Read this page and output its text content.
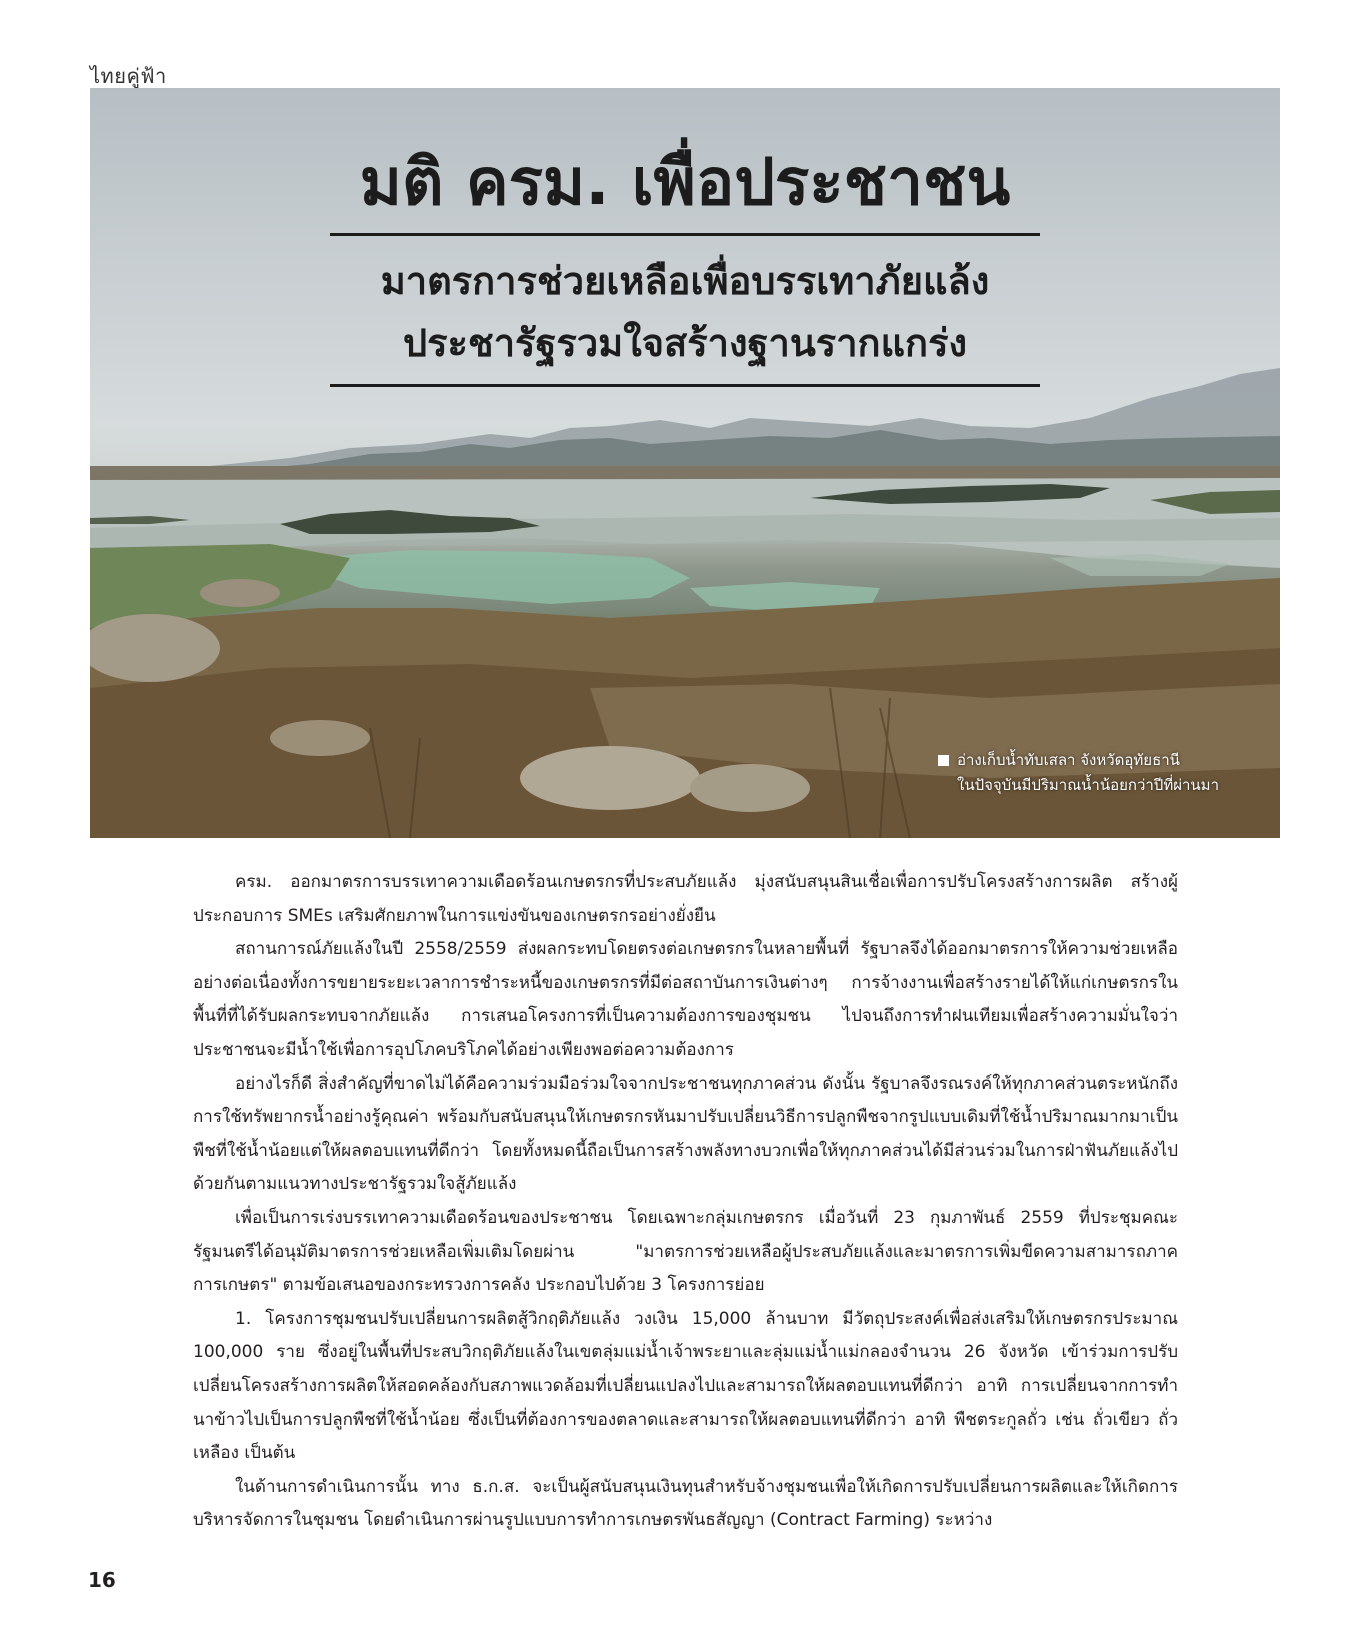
ไทยคู่ฟ้า
มติ ครม. เพื่อประชาชน
มาตรการช่วยเหลือเพื่อบรรเทาภัยแล้ง
ประชารัฐรวมใจสร้างฐานรากแกร่ง
อ่างเก็บน้ำทับเสลา จังหวัดอุทัยธานี
ในปัจจุบันมีปริมาณน้ำน้อยกว่าปีที่ผ่านมา

ครม. ออกมาตรการบรรเทาความเดือดร้อนเกษตรกรที่ประสบภัยแล้ง มุ่งสนับสนุนสินเชื่อเพื่อการปรับโครงสร้างการผลิต สร้างผู้ประกอบการ SMEs เสริมศักยภาพในการแข่งขันของเกษตรกรอย่างยั่งยืน

สถานการณ์ภัยแล้งในปี 2558/2559 ส่งผลกระทบโดยตรงต่อเกษตรกรในหลายพื้นที่ รัฐบาลจึงได้ออกมาตรการให้ความช่วยเหลืออย่างต่อเนื่องทั้งการขยายระยะเวลาการชำระหนี้ของเกษตรกรที่มีต่อสถาบันการเงินต่างๆ การจ้างงานเพื่อสร้างรายได้ให้แก่เกษตรกรในพื้นที่ที่ได้รับผลกระทบจากภัยแล้ง การเสนอโครงการที่เป็นความต้องการของชุมชน ไปจนถึงการทำฝนเทียมเพื่อสร้างความมั่นใจว่าประชาชนจะมีน้ำใช้เพื่อการอุปโภคบริโภคได้อย่างเพียงพอต่อความต้องการ

อย่างไรก็ดี สิ่งสำคัญที่ขาดไม่ได้คือความร่วมมือร่วมใจจากประชาชนทุกภาคส่วน ดังนั้น รัฐบาลจึงรณรงค์ให้ทุกภาคส่วนตระหนักถึงการใช้ทรัพยากรน้ำอย่างรู้คุณค่า พร้อมกับสนับสนุนให้เกษตรกรหันมาปรับเปลี่ยนวิธีการปลูกพืชจากรูปแบบเดิมที่ใช้น้ำปริมาณมากมาเป็นพืชที่ใช้น้ำน้อยแต่ให้ผลตอบแทนที่ดีกว่า โดยทั้งหมดนี้ถือเป็นการสร้างพลังทางบวกเพื่อให้ทุกภาคส่วนได้มีส่วนร่วมในการฝ่าฟันภัยแล้งไปด้วยกันตามแนวทางประชารัฐรวมใจสู้ภัยแล้ง

เพื่อเป็นการเร่งบรรเทาความเดือดร้อนของประชาชน โดยเฉพาะกลุ่มเกษตรกร เมื่อวันที่ 23 กุมภาพันธ์ 2559 ที่ประชุมคณะรัฐมนตรีได้อนุมัติมาตรการช่วยเหลือเพิ่มเติมโดยผ่าน "มาตรการช่วยเหลือผู้ประสบภัยแล้งและมาตรการเพิ่มขีดความสามารถภาคการเกษตร" ตามข้อเสนอของกระทรวงการคลัง ประกอบไปด้วย 3 โครงการย่อย

1. โครงการชุมชนปรับเปลี่ยนการผลิตสู้วิกฤติภัยแล้ง วงเงิน 15,000 ล้านบาท มีวัตถุประสงค์เพื่อส่งเสริมให้เกษตรกรประมาณ 100,000 ราย ซึ่งอยู่ในพื้นที่ประสบวิกฤติภัยแล้งในเขตลุ่มแม่น้ำเจ้าพระยาและลุ่มแม่น้ำแม่กลองจำนวน 26 จังหวัด เข้าร่วมการปรับเปลี่ยนโครงสร้างการผลิตให้สอดคล้องกับสภาพแวดล้อมที่เปลี่ยนแปลงไปและสามารถให้ผลตอบแทนที่ดีกว่า อาทิ การเปลี่ยนจากการทำนาข้าวไปเป็นการปลูกพืชที่ใช้น้ำน้อย ซึ่งเป็นที่ต้องการของตลาดและสามารถให้ผลตอบแทนที่ดีกว่า อาทิ พืชตระกูลถั่ว เช่น ถั่วเขียว ถั่วเหลือง เป็นต้น

ในด้านการดำเนินการนั้น ทาง ธ.ก.ส. จะเป็นผู้สนับสนุนเงินทุนสำหรับจ้างชุมชนเพื่อให้เกิดการปรับเปลี่ยนการผลิตและให้เกิดการบริหารจัดการในชุมชน โดยดำเนินการผ่านรูปแบบการทำการเกษตรพันธสัญญา (Contract Farming) ระหว่าง

16
